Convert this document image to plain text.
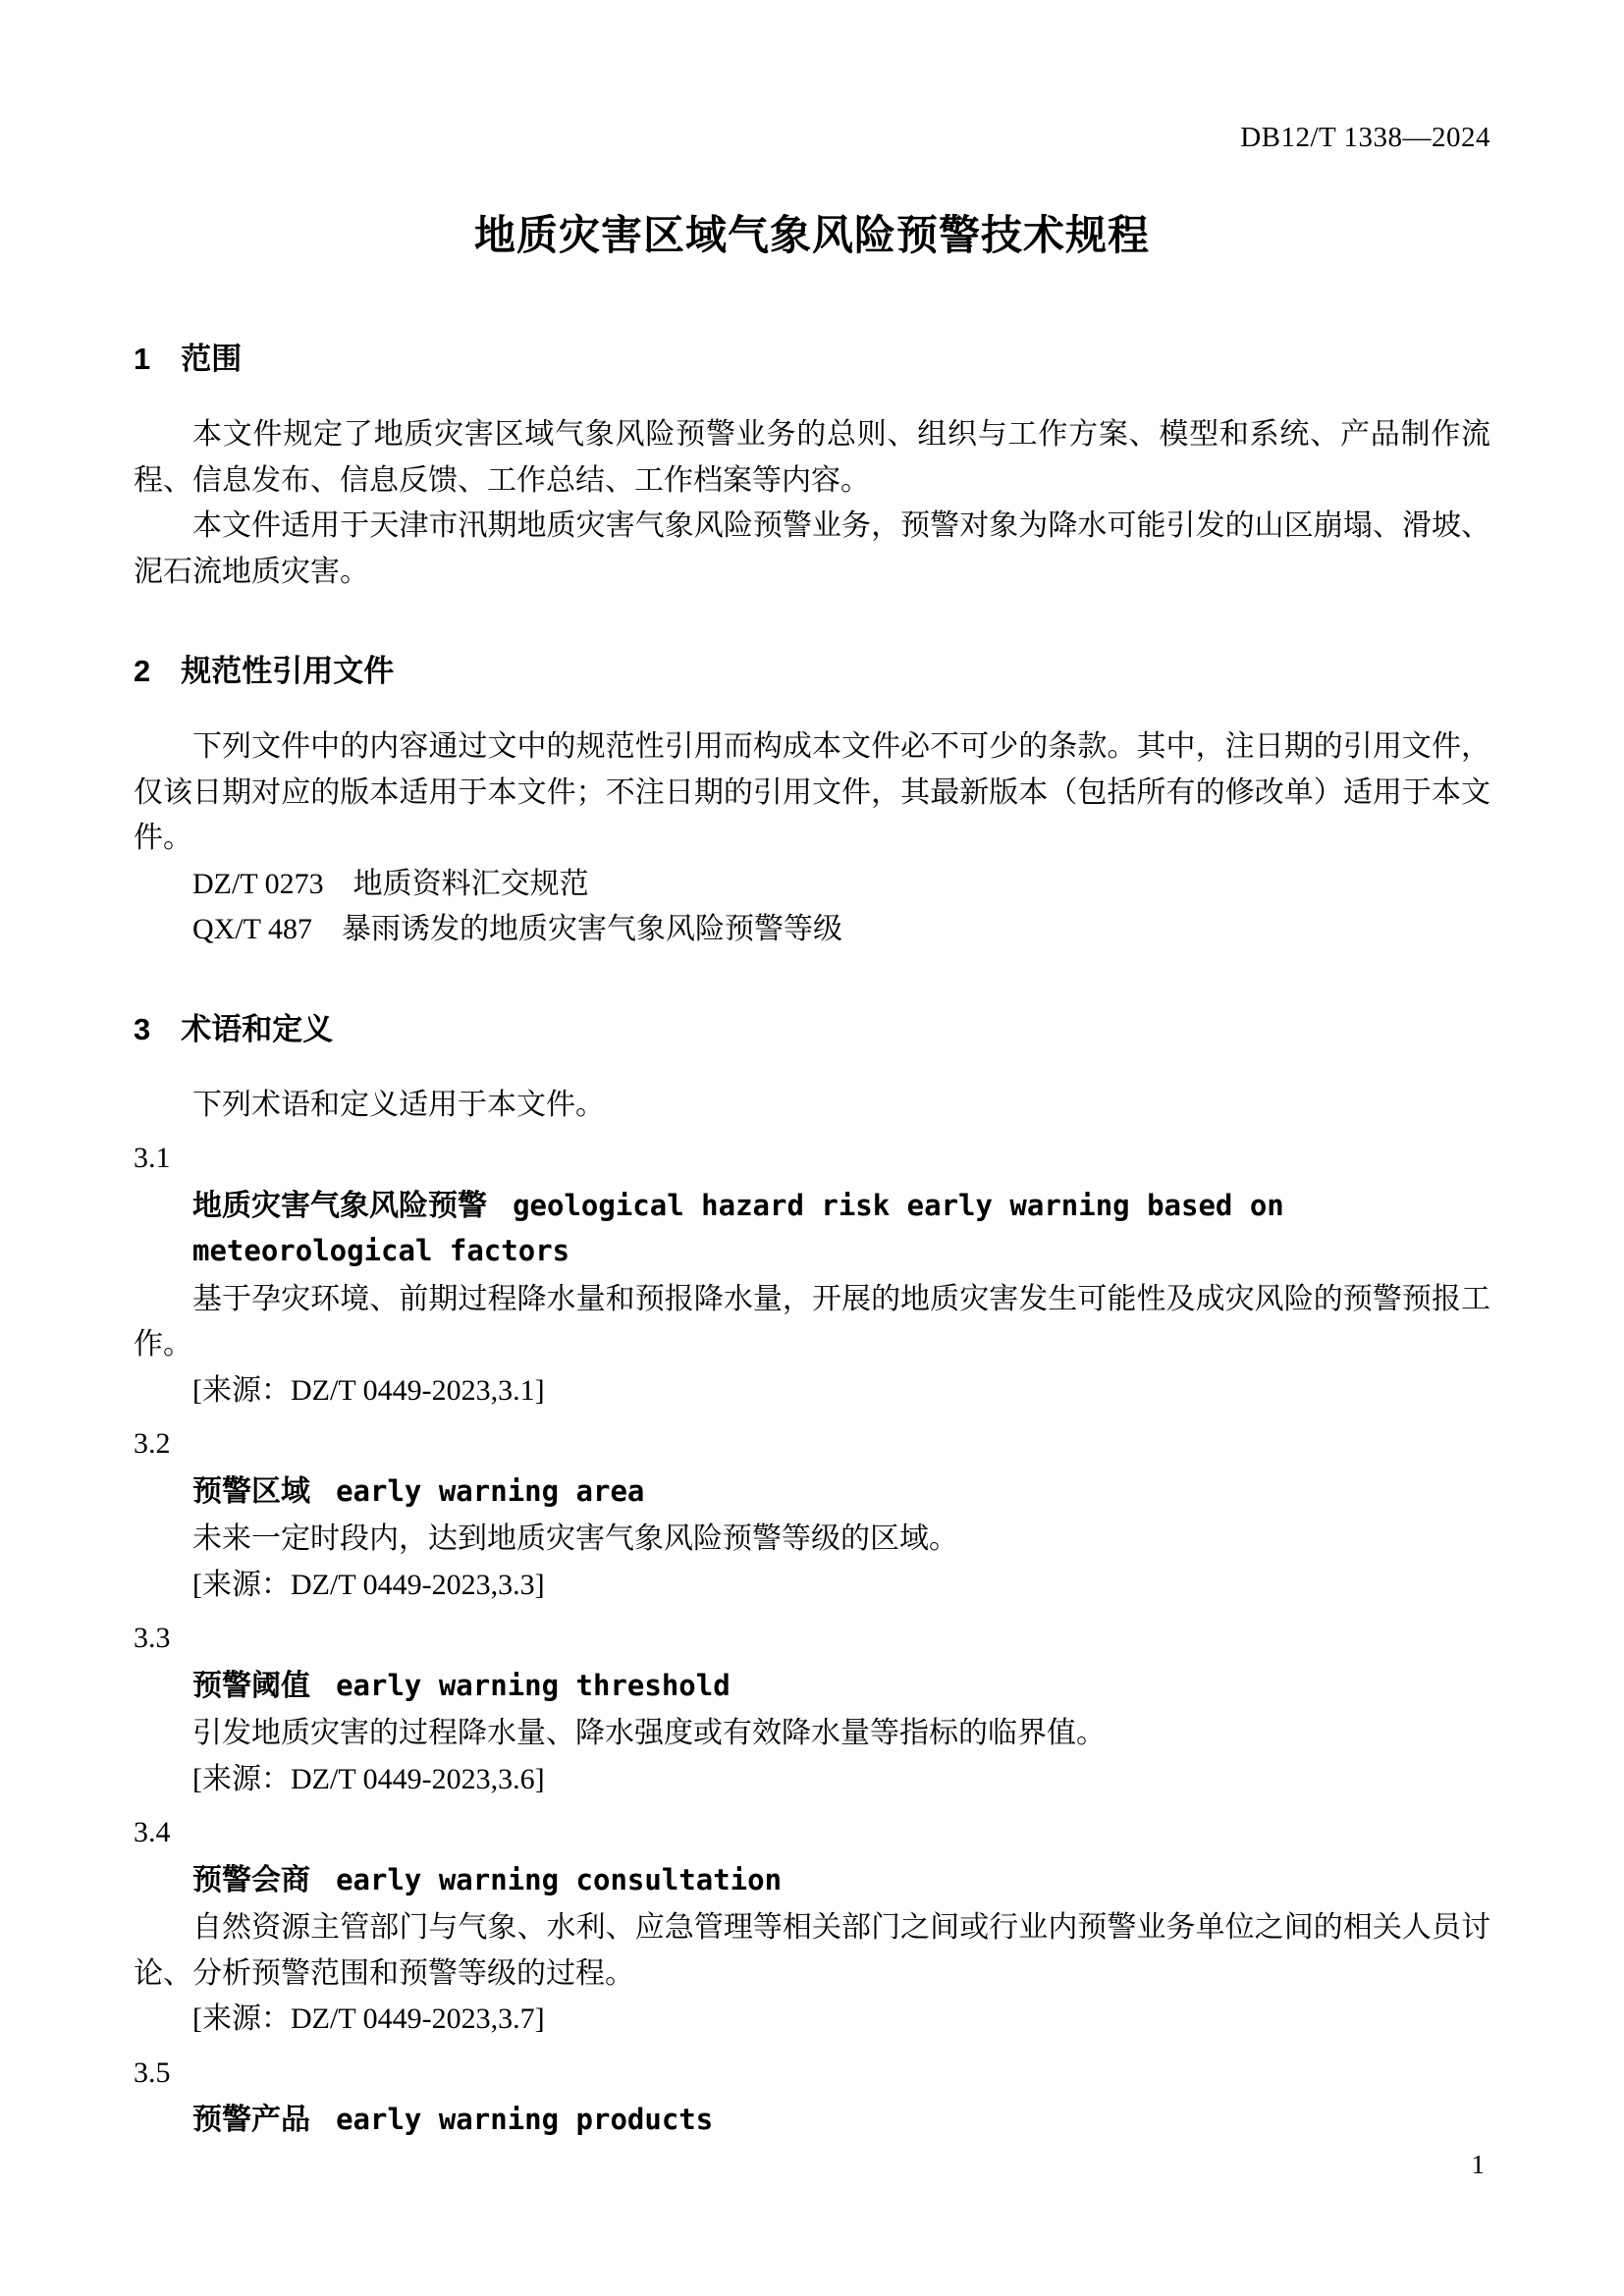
DB12/T 1338—2024
地质灾害区域气象风险预警技术规程
1　范围

本文件规定了地质灾害区域气象风险预警业务的总则、组织与工作方案、模型和系统、产品制作流程、信息发布、信息反馈、工作总结、工作档案等内容。

本文件适用于天津市汛期地质灾害气象风险预警业务，预警对象为降水可能引发的山区崩塌、滑坡、泥石流地质灾害。

2　规范性引用文件

下列文件中的内容通过文中的规范性引用而构成本文件必不可少的条款。其中，注日期的引用文件，仅该日期对应的版本适用于本文件；不注日期的引用文件，其最新版本（包括所有的修改单）适用于本文件。

DZ/T 0273　地质资料汇交规范

QX/T 487　暴雨诱发的地质灾害气象风险预警等级

3　术语和定义

下列术语和定义适用于本文件。

3.1

地质灾害气象风险预警 geological hazard risk early warning based on meteorological factors

基于孕灾环境、前期过程降水量和预报降水量，开展的地质灾害发生可能性及成灾风险的预警预报工作。

[来源：DZ/T 0449-2023,3.1]

3.2

预警区域 early warning area

未来一定时段内，达到地质灾害气象风险预警等级的区域。

[来源：DZ/T 0449-2023,3.3]

3.3

预警阈值 early warning threshold

引发地质灾害的过程降水量、降水强度或有效降水量等指标的临界值。

[来源：DZ/T 0449-2023,3.6]

3.4

预警会商 early warning consultation

自然资源主管部门与气象、水利、应急管理等相关部门之间或行业内预警业务单位之间的相关人员讨论、分析预警范围和预警等级的过程。

[来源：DZ/T 0449-2023,3.7]

3.5

预警产品 early warning products

1
